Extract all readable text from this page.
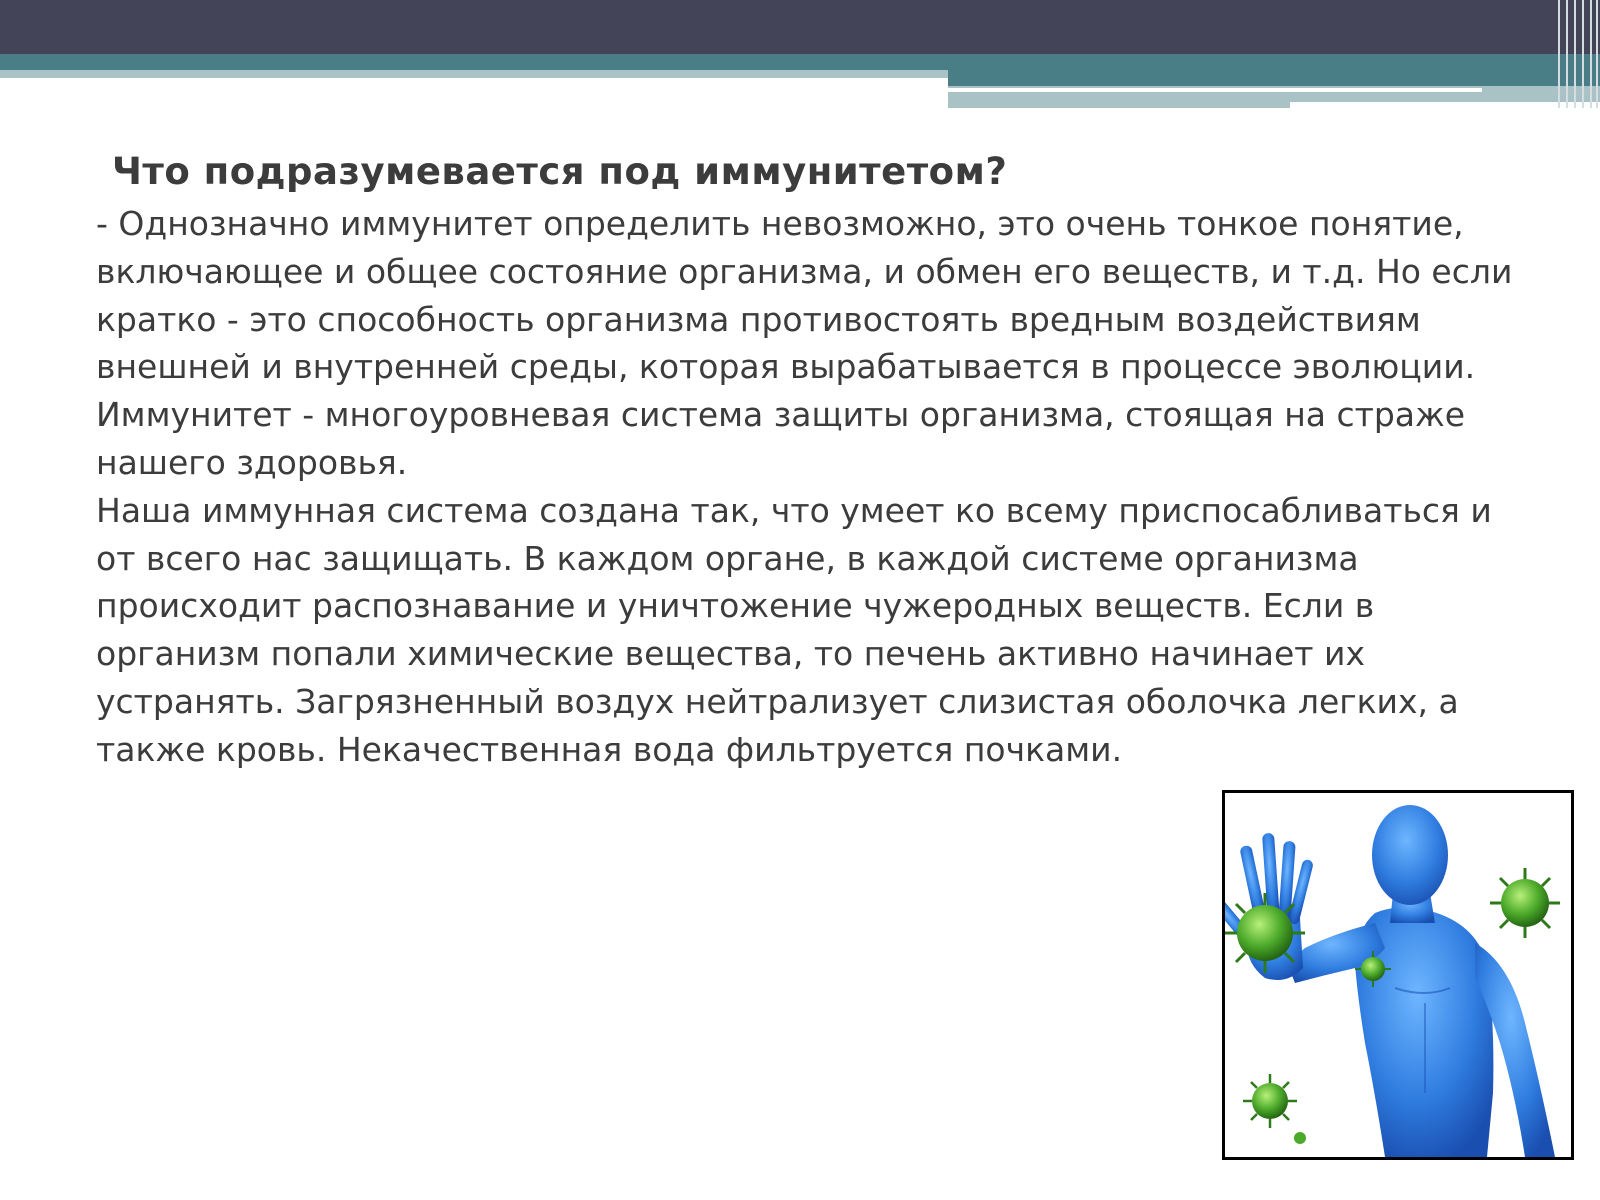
Что подразумевается под иммунитетом?

- Однозначно иммунитет определить невозможно, это очень тонкое понятие, включающее и общее состояние организма, и обмен его веществ, и т.д. Но если кратко - это способность организма противостоять вредным воздействиям внешней и внутренней среды, которая вырабатывается в процессе эволюции. Иммунитет - многоуровневая система защиты организма, стоящая на страже нашего здоровья.

Наша иммунная система создана так, что умеет ко всему приспосабливаться и от всего нас защищать. В каждом органе, в каждой системе организма происходит распознавание и уничтожение чужеродных веществ. Если в организм попали химические вещества, то печень активно начинает их устранять. Загрязненный воздух нейтрализует слизистая оболочка легких, а также кровь. Некачественная вода фильтруется почками.
